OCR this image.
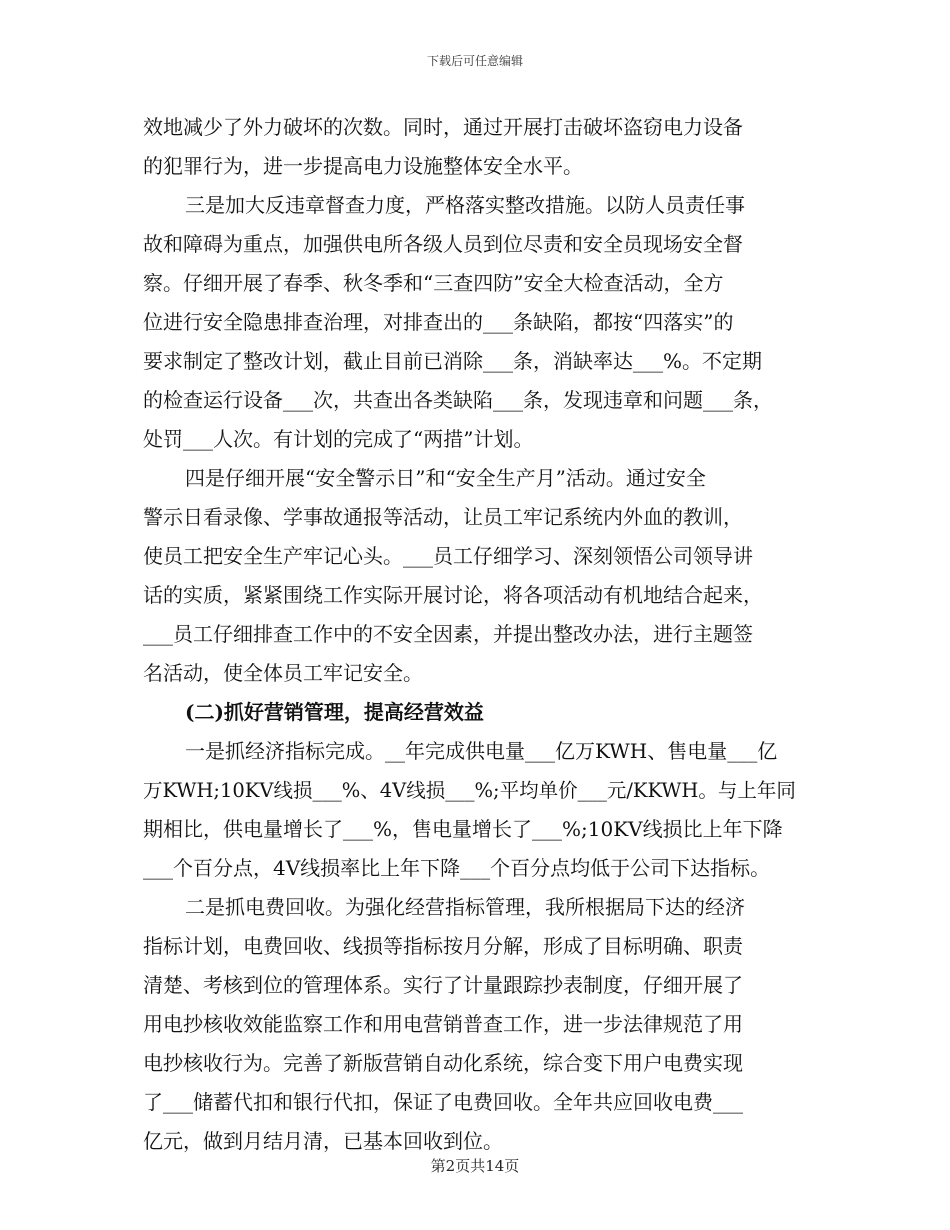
下载后可任意编辑
效地减少了外力破坏的次数。同时，通过开展打击破坏盗窃电力设备
的犯罪行为，进一步提高电力设施整体安全水平。
三是加大反违章督查力度，严格落实整改措施。以防人员责任事
故和障碍为重点，加强供电所各级人员到位尽责和安全员现场安全督
察。仔细开展了春季、秋冬季和“三查四防”安全大检查活动，全方
位进行安全隐患排查治理，对排查出的___条缺陷，都按“四落实”的
要求制定了整改计划，截止目前已消除___条，消缺率达___%。不定期
的检查运行设备___次，共查出各类缺陷___条，发现违章和问题___条，
处罚___人次。有计划的完成了“两措”计划。
四是仔细开展“安全警示日”和“安全生产月”活动。通过安全
警示日看录像、学事故通报等活动，让员工牢记系统内外血的教训，
使员工把安全生产牢记心头。___员工仔细学习、深刻领悟公司领导讲
话的实质，紧紧围绕工作实际开展讨论，将各项活动有机地结合起来，
___员工仔细排查工作中的不安全因素，并提出整改办法，进行主题签
名活动，使全体员工牢记安全。
(二)抓好营销管理，提高经营效益
一是抓经济指标完成。__年完成供电量___亿万KWH、售电量___亿
万KWH;10KV线损___%、4V线损___%;平均单价___元/KKWH。与上年同
期相比，供电量增长了___%，售电量增长了___%;10KV线损比上年下降
___个百分点，4V线损率比上年下降___个百分点均低于公司下达指标。
二是抓电费回收。为强化经营指标管理，我所根据局下达的经济
指标计划，电费回收、线损等指标按月分解，形成了目标明确、职责
清楚、考核到位的管理体系。实行了计量跟踪抄表制度，仔细开展了
用电抄核收效能监察工作和用电营销普查工作，进一步法律规范了用
电抄核收行为。完善了新版营销自动化系统，综合变下用户电费实现
了___储蓄代扣和银行代扣，保证了电费回收。全年共应回收电费___
亿元，做到月结月清，已基本回收到位。
第2页共14页
